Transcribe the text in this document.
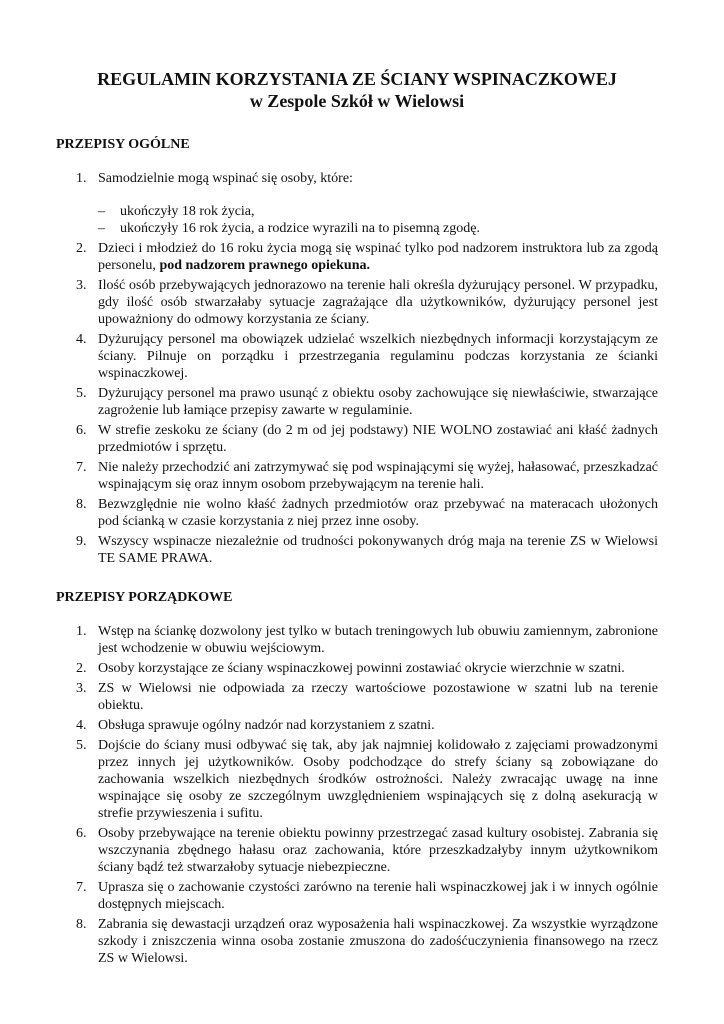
REGULAMIN KORZYSTANIA ZE ŚCIANY WSPINACZKOWEJ
w Zespole Szkół w Wielowsi
PRZEPISY OGÓLNE
1. Samodzielnie mogą wspinać się osoby, które:
– ukończyły 18 rok życia,
– ukończyły 16 rok życia, a rodzice wyrazili na to pisemną zgodę.
2. Dzieci i młodzież do 16 roku życia mogą się wspinać tylko pod nadzorem instruktora lub za zgodą personelu, pod nadzorem prawnego opiekuna.
3. Ilość osób przebywających jednorazowo na terenie hali określa dyżurujący personel. W przypadku, gdy ilość osób stwarzałaby sytuacje zagrażające dla użytkowników, dyżurujący personel jest upoważniony do odmowy korzystania ze ściany.
4. Dyżurujący personel ma obowiązek udzielać wszelkich niezbędnych informacji korzystającym ze ściany. Pilnuje on porządku i przestrzegania regulaminu podczas korzystania ze ścianki wspinaczkowej.
5. Dyżurujący personel ma prawo usunąć z obiektu osoby zachowujące się niewłaściwie, stwarzające zagrożenie lub łamiące przepisy zawarte w regulaminie.
6. W strefie zeskoku ze ściany (do 2 m od jej podstawy) NIE WOLNO zostawiać ani kłaść żadnych przedmiotów i sprzętu.
7. Nie należy przechodzić ani zatrzymywać się pod wspinającymi się wyżej, hałasować, przeszkadzać wspinającym się oraz innym osobom przebywającym na terenie hali.
8. Bezwzględnie nie wolno kłaść żadnych przedmiotów oraz przebywać na materacach ułożonych pod ścianką w czasie korzystania z niej przez inne osoby.
9. Wszyscy wspinacze niezależnie od trudności pokonywanych dróg maja na terenie ZS w Wielowsi TE SAME PRAWA.
PRZEPISY PORZĄDKOWE
1. Wstęp na ściankę dozwolony jest tylko w butach treningowych lub obuwiu zamiennym, zabronione jest wchodzenie w obuwiu wejściowym.
2. Osoby korzystające ze ściany wspinaczkowej powinni zostawiać okrycie wierzchnie w szatni.
3. ZS w Wielowsi nie odpowiada za rzeczy wartościowe pozostawione w szatni lub na terenie obiektu.
4. Obsługa sprawuje ogólny nadzór nad korzystaniem z szatni.
5. Dojście do ściany musi odbywać się tak, aby jak najmniej kolidowało z zajęciami prowadzonymi przez innych jej użytkowników. Osoby podchodzące do strefy ściany są zobowiązane do zachowania wszelkich niezbędnych środków ostrożności. Należy zwracając uwagę na inne wspinające się osoby ze szczególnym uwzględnieniem wspinających się z dolną asekuracją w strefie przywieszenia i sufitu.
6. Osoby przebywające na terenie obiektu powinny przestrzegać zasad kultury osobistej. Zabrania się wszczynania zbędnego hałasu oraz zachowania, które przeszkadzałyby innym użytkownikom ściany bądź też stwarzałoby sytuacje niebezpieczne.
7. Uprasza się o zachowanie czystości zarówno na terenie hali wspinaczkowej jak i w innych ogólnie dostępnych miejscach.
8. Zabrania się dewastacji urządzeń oraz wyposażenia hali wspinaczkowej. Za wszystkie wyrządzone szkody i zniszczenia winna osoba zostanie zmuszona do zadośćuczynienia finansowego na rzecz ZS w Wielowsi.
